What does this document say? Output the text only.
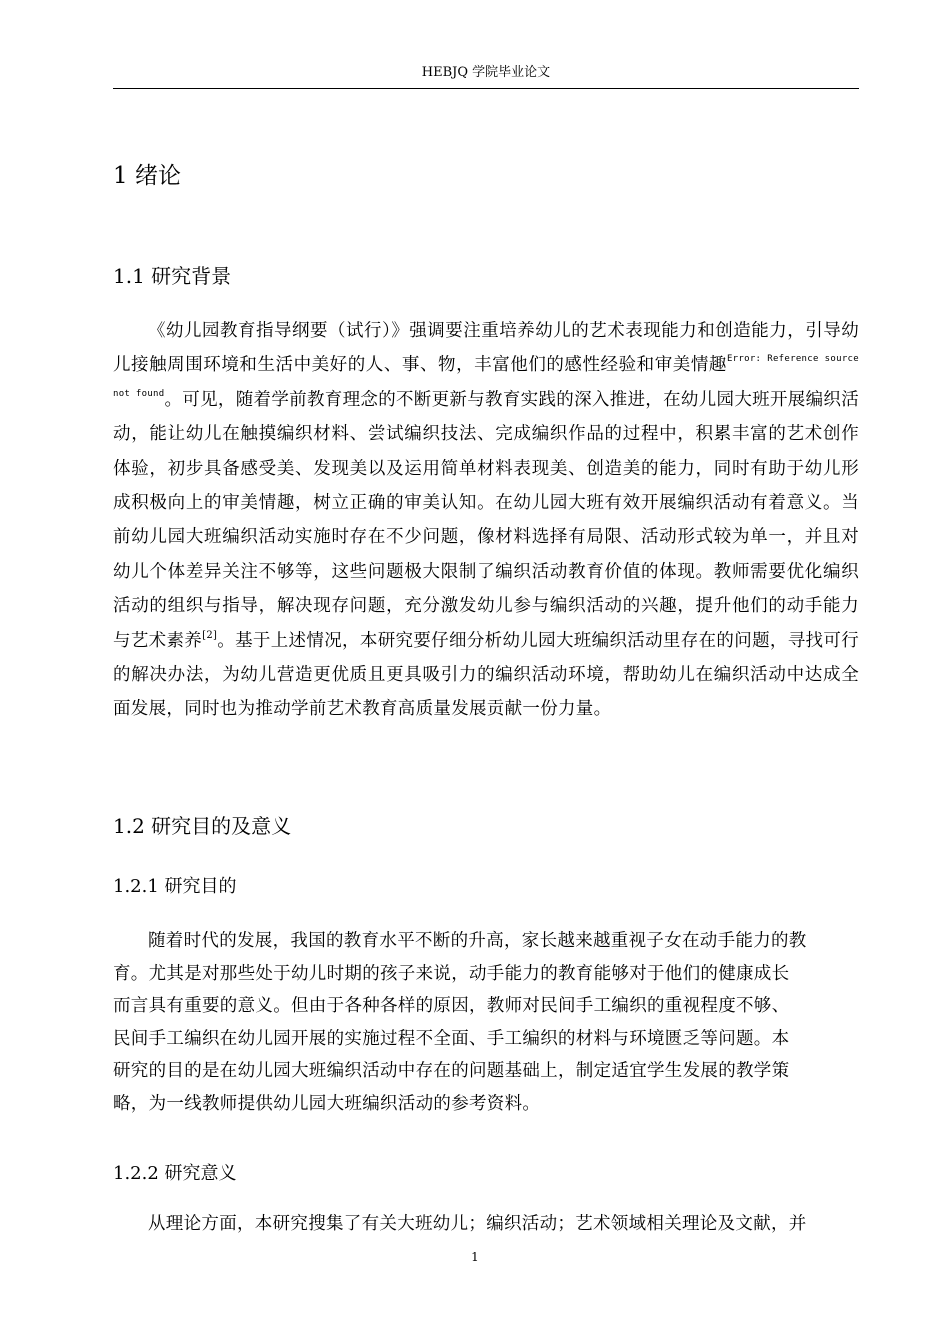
HEBJQ 学院毕业论文
1 绪论
1.1 研究背景

《幼儿园教育指导纲要（试行）》强调要注重培养幼儿的艺术表现能力和创造能力，引导幼儿接触周围环境和生活中美好的人、事、物，丰富他们的感性经验和审美情趣$^{Error: Reference source not found}$。可见，随着学前教育理念的不断更新与教育实践的深入推进，在幼儿园大班开展编织活动，能让幼儿在触摸编织材料、尝试编织技法、完成编织作品的过程中，积累丰富的艺术创作体验，初步具备感受美、发现美以及运用简单材料表现美、创造美的能力，同时有助于幼儿形成积极向上的审美情趣，树立正确的审美认知。在幼儿园大班有效开展编织活动有着意义。当前幼儿园大班编织活动实施时存在不少问题，像材料选择有局限、活动形式较为单一，并且对幼儿个体差异关注不够等，这些问题极大限制了编织活动教育价值的体现。教师需要优化编织活动的组织与指导，解决现存问题，充分激发幼儿参与编织活动的兴趣，提升他们的动手能力与艺术素养[2]。基于上述情况，本研究要仔细分析幼儿园大班编织活动里存在的问题，寻找可行的解决办法，为幼儿营造更优质且更具吸引力的编织活动环境，帮助幼儿在编织活动中达成全面发展，同时也为推动学前艺术教育高质量发展贡献一份力量。

1.2 研究目的及意义
1.2.1 研究目的
随着时代的发展，我国的教育水平不断的升高，家长越来越重视子女在动手能力的教
育。尤其是对那些处于幼儿时期的孩子来说，动手能力的教育能够对于他们的健康成长
而言具有重要的意义。但由于各种各样的原因，教师对民间手工编织的重视程度不够、
民间手工编织在幼儿园开展的实施过程不全面、手工编织的材料与环境匮乏等问题。本
研究的目的是在幼儿园大班编织活动中存在的问题基础上，制定适宜学生发展的教学策
略，为一线教师提供幼儿园大班编织活动的参考资料。
1.2.2 研究意义

从理论方面，本研究搜集了有关大班幼儿；编织活动；艺术领域相关理论及文献，并

1
